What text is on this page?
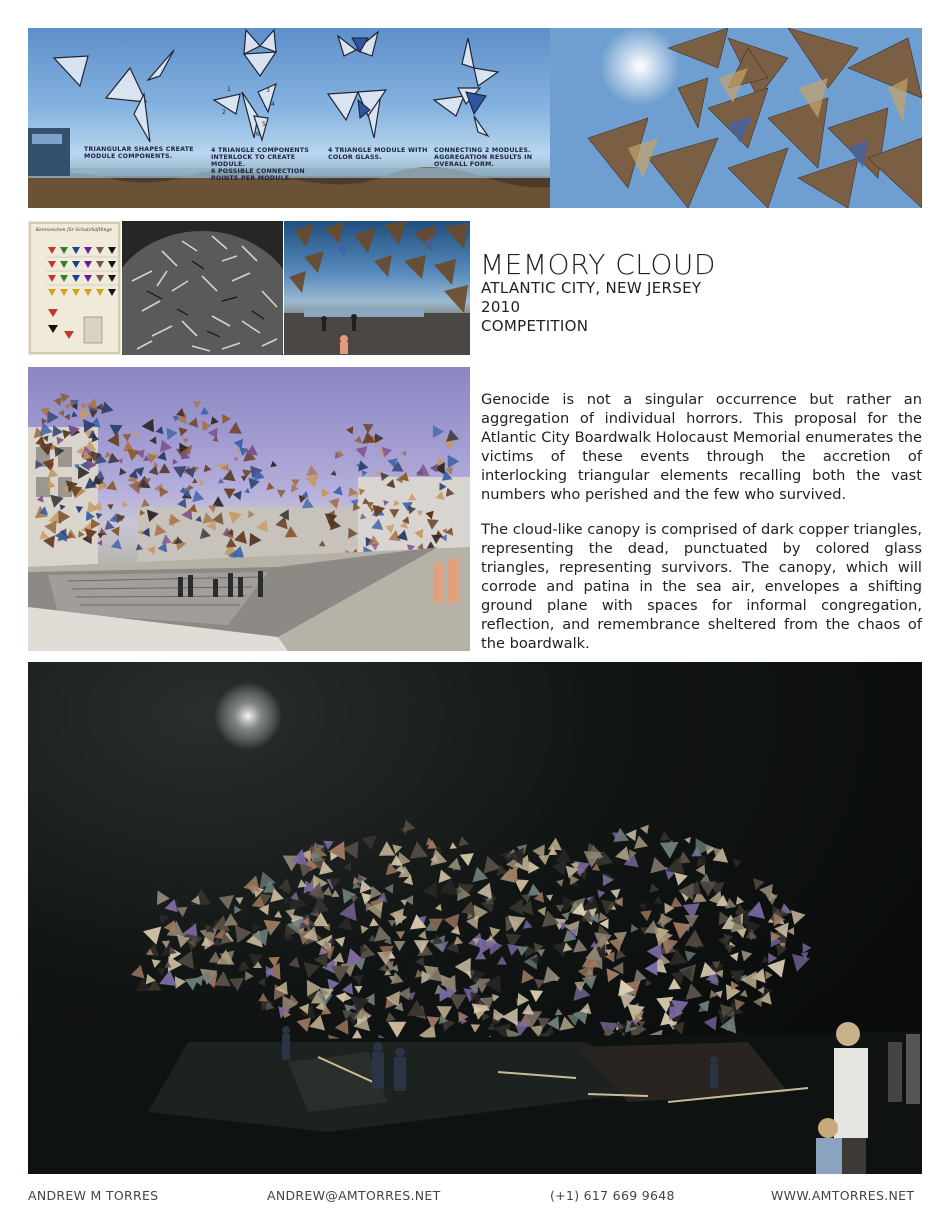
1
2
3
4
5
6
TRIANGULAR SHAPES CREATE
MODULE COMPONENTS.
4 TRIANGLE COMPONENTS
INTERLOCK TO CREATE
MODULE.
6 POSSIBLE CONNECTION
POINTS PER MODULE.
4 TRIANGLE MODULE WITH
COLOR GLASS.
CONNECTING 2 MODULES.
AGGREGATION RESULTS IN
OVERALL FORM.
Kennzeichen für Schutzhäftlinge
MEMORY CLOUD
ATLANTIC CITY, NEW JERSEY
2010
COMPETITION

Genocide is not a singular occurrence but rather an aggregation of individual horrors. This proposal for the Atlantic City Boardwalk Holocaust Memorial enumerates the victims of these events through the accretion of interlocking triangular elements recalling both the vast numbers who perished and the few who survived.

The cloud-like canopy is comprised of dark copper triangles, representing the dead, punctuated by colored glass triangles, representing survivors. The canopy, which will corrode and patina in the sea air, envelopes a shifting ground plane with spaces for informal congregation, reflection, and remembrance sheltered from the chaos of the boardwalk.

ANDREW M TORRES	ANDREW@AMTORRES.NET	(+1) 617 669 9648	WWW.AMTORRES.NET
